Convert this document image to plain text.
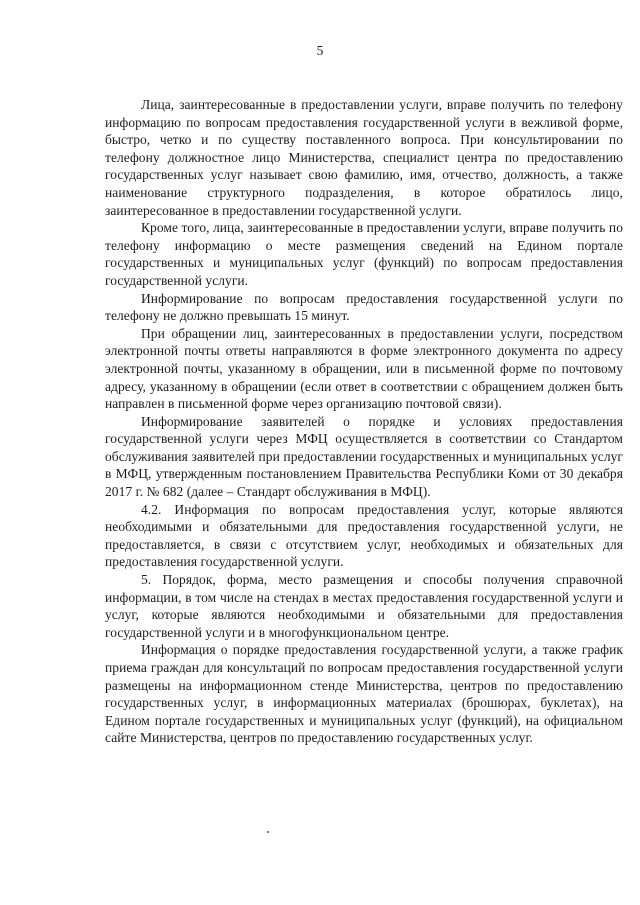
5

Лица, заинтересованные в предоставлении услуги, вправе получить по телефону информацию по вопросам предоставления государственной услуги в вежливой форме, быстро, четко и по существу поставленного вопроса. При консультировании по телефону должностное лицо Министерства, специалист центра по предоставлению государственных услуг называет свою фамилию, имя, отчество, должность, а также наименование структурного подразделения, в которое обратилось лицо, заинтересованное в предоставлении государственной услуги.

Кроме того, лица, заинтересованные в предоставлении услуги, вправе получить по телефону информацию о месте размещения сведений на Едином портале государственных и муниципальных услуг (функций) по вопросам предоставления государственной услуги.

Информирование по вопросам предоставления государственной услуги по телефону не должно превышать 15 минут.

При обращении лиц, заинтересованных в предоставлении услуги, посредством электронной почты ответы направляются в форме электронного документа по адресу электронной почты, указанному в обращении, или в письменной форме по почтовому адресу, указанному в обращении (если ответ в соответствии с обращением должен быть направлен в письменной форме через организацию почтовой связи).

Информирование заявителей о порядке и условиях предоставления государственной услуги через МФЦ осуществляется в соответствии со Стандартом обслуживания заявителей при предоставлении государственных и муниципальных услуг в МФЦ, утвержденным постановлением Правительства Республики Коми от 30 декабря 2017 г. № 682 (далее – Стандарт обслуживания в МФЦ).

4.2. Информация по вопросам предоставления услуг, которые являются необходимыми и обязательными для предоставления государственной услуги, не предоставляется, в связи с отсутствием услуг, необходимых и обязательных для предоставления государственной услуги.

5. Порядок, форма, место размещения и способы получения справочной информации, в том числе на стендах в местах предоставления государственной услуги и услуг, которые являются необходимыми и обязательными для предоставления государственной услуги и в многофункциональном центре.

Информация о порядке предоставления государственной услуги, а также график приема граждан для консультаций по вопросам предоставления государственной услуги размещены на информационном стенде Министерства, центров по предоставлению государственных услуг, в информационных материалах (брошюрах, буклетах), на Едином портале государственных и муниципальных услуг (функций), на официальном сайте Министерства, центров по предоставлению государственных услуг.
